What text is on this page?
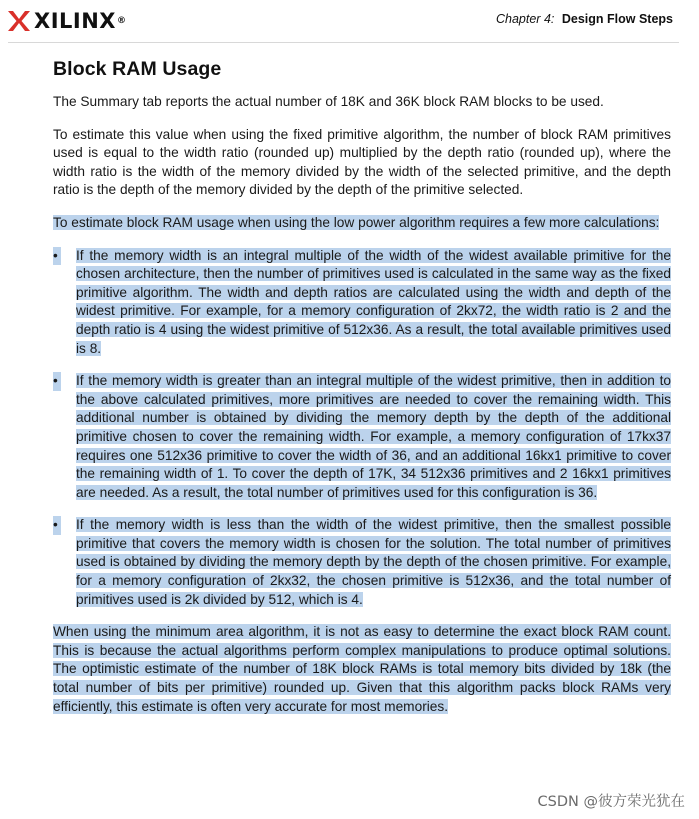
XILINX®	Chapter 4: Design Flow Steps
Block RAM Usage

The Summary tab reports the actual number of 18K and 36K block RAM blocks to be used.

To estimate this value when using the fixed primitive algorithm, the number of block RAM primitives used is equal to the width ratio (rounded up) multiplied by the depth ratio (rounded up), where the width ratio is the width of the memory divided by the width of the selected primitive, and the depth ratio is the depth of the memory divided by the depth of the primitive selected.

To estimate block RAM usage when using the low power algorithm requires a few more calculations:

• If the memory width is an integral multiple of the width of the widest available primitive for the chosen architecture, then the number of primitives used is calculated in the same way as the fixed primitive algorithm. The width and depth ratios are calculated using the width and depth of the widest primitive. For example, for a memory configuration of 2kx72, the width ratio is 2 and the depth ratio is 4 using the widest primitive of 512x36. As a result, the total available primitives used is 8.
• If the memory width is greater than an integral multiple of the widest primitive, then in addition to the above calculated primitives, more primitives are needed to cover the remaining width. This additional number is obtained by dividing the memory depth by the depth of the additional primitive chosen to cover the remaining width. For example, a memory configuration of 17kx37 requires one 512x36 primitive to cover the width of 36, and an additional 16kx1 primitive to cover the remaining width of 1. To cover the depth of 17K, 34 512x36 primitives and 2 16kx1 primitives are needed. As a result, the total number of primitives used for this configuration is 36.
• If the memory width is less than the width of the widest primitive, then the smallest possible primitive that covers the memory width is chosen for the solution. The total number of primitives used is obtained by dividing the memory depth by the depth of the chosen primitive. For example, for a memory configuration of 2kx32, the chosen primitive is 512x36, and the total number of primitives used is 2k divided by 512, which is 4.

When using the minimum area algorithm, it is not as easy to determine the exact block RAM count. This is because the actual algorithms perform complex manipulations to produce optimal solutions. The optimistic estimate of the number of 18K block RAMs is total memory bits divided by 18k (the total number of bits per primitive) rounded up. Given that this algorithm packs block RAMs very efficiently, this estimate is often very accurate for most memories.

CSDN @彼方荣光犹在
